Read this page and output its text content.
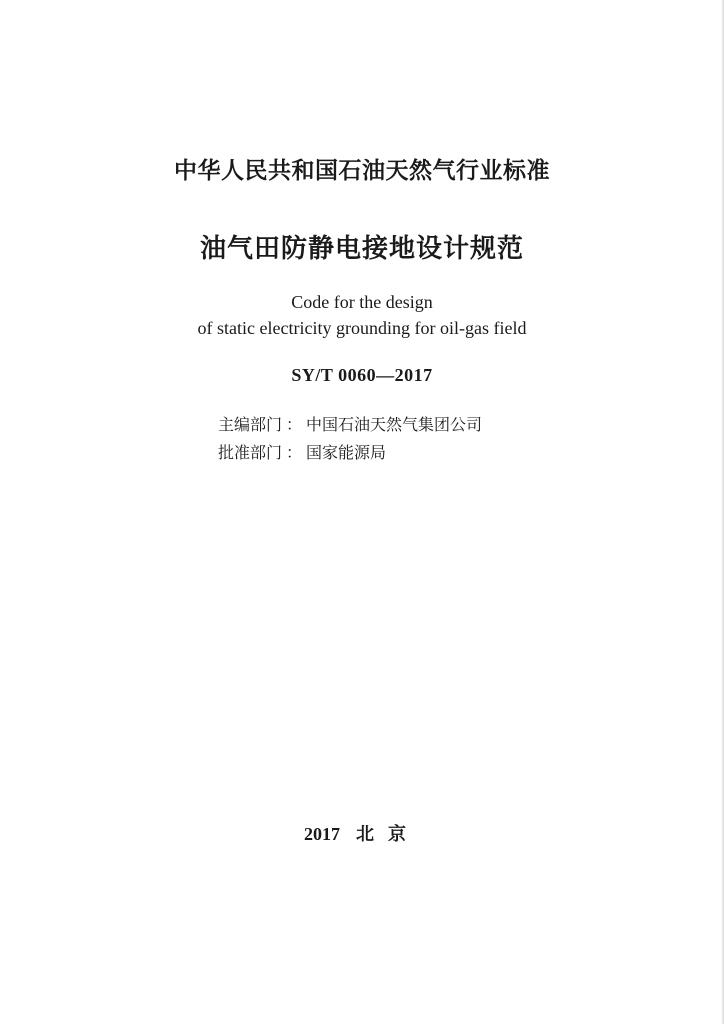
中华人民共和国石油天然气行业标准
油气田防静电接地设计规范
Code for the design
of static electricity grounding for oil-gas field
SY/T 0060—2017
主编部门 ： 中国石油天然气集团公司
批准部门 ： 国家能源局
2017 北京
